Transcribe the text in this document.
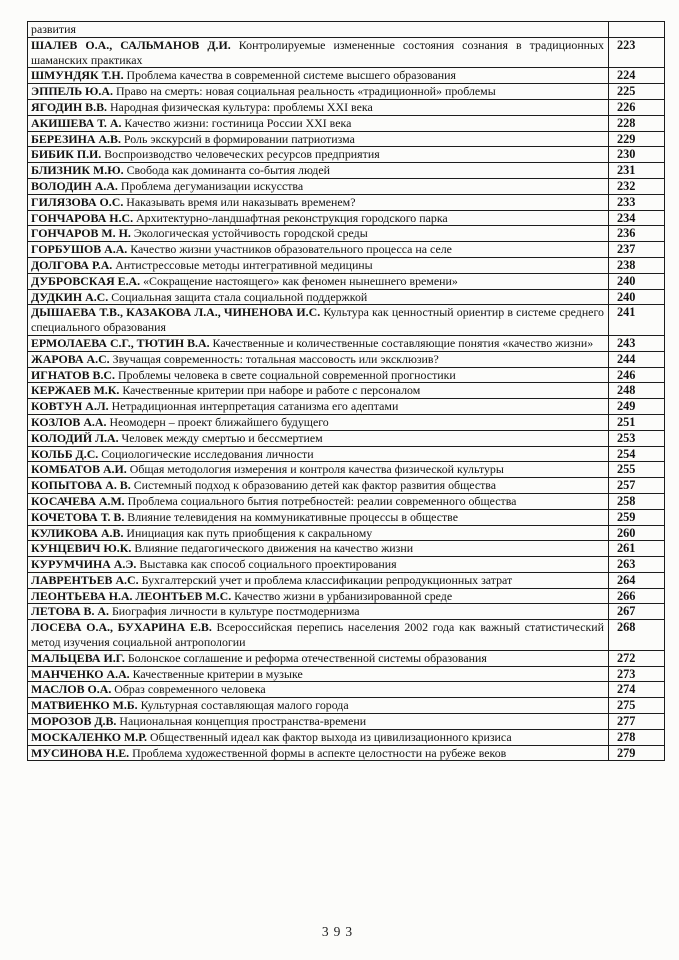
развития	
ШАЛЕВ О.А., САЛЬМАНОВ Д.И. Контролируемые измененные состояния сознания в традиционных шаманских практиках	223
ШМУНДЯК Т.Н. Проблема качества в современной системе высшего образования	224
ЭППЕЛЬ Ю.А. Право на смерть: новая социальная реальность «традиционной» проблемы	225
ЯГОДИН В.В. Народная физическая культура: проблемы XXI века	226
АКИШЕВА Т. А. Качество жизни: гостиница России XXI века	228
БЕРЕЗИНА А.В. Роль экскурсий в формировании патриотизма	229
БИБИК П.И. Воспроизводство человеческих ресурсов предприятия	230
БЛИЗНИК М.Ю. Свобода как доминанта со-бытия людей	231
ВОЛОДИН А.А. Проблема дегуманизации искусства	232
ГИЛЯЗОВА О.С. Наказывать время или наказывать временем?	233
ГОНЧАРОВА Н.С. Архитектурно-ландшафтная реконструкция городского парка	234
ГОНЧАРОВ М. Н. Экологическая устойчивость городской среды	236
ГОРБУШОВ А.А. Качество жизни участников образовательного процесса на селе	237
ДОЛГОВА Р.А. Антистрессовые методы интегративной медицины	238
ДУБРОВСКАЯ Е.А. «Сокращение настоящего» как феномен нынешнего времени»	240
ДУДКИН А.С. Социальная защита стала социальной поддержкой	240
ДЫШАЕВА Т.В., КАЗАКОВА Л.А., ЧИНЕНОВА И.С. Культура как ценностный ориентир в системе среднего специального образования	241
ЕРМОЛАЕВА С.Г., ТЮТИН В.А. Качественные и количественные составляющие понятия «качество жизни»	243
ЖАРОВА А.С. Звучащая современность: тотальная массовость или эксклюзив?	244
ИГНАТОВ В.С. Проблемы человека в свете социальной современной прогностики	246
КЕРЖАЕВ М.К. Качественные критерии при наборе и работе с персоналом	248
КОВТУН А.Л. Нетрадиционная интерпретация сатанизма его адептами	249
КОЗЛОВ А.А. Неомодерн – проект ближайшего будущего	251
КОЛОДИЙ Л.А. Человек между смертью и бессмертием	253
КОЛЬБ Д.С. Социологические исследования личности	254
КОМБАТОВ А.И. Общая методология измерения и контроля качества физической культуры	255
КОПЫТОВА А. В. Системный подход к образованию детей как фактор развития общества	257
КОСАЧЕВА А.М. Проблема социального бытия потребностей: реалии современного общества	258
КОЧЕТОВА Т. В. Влияние телевидения на коммуникативные процессы в обществе	259
КУЛИКОВА А.В. Инициация как путь приобщения к сакральному	260
КУНЦЕВИЧ Ю.К. Влияние педагогического движения на качество жизни	261
КУРУМЧИНА А.Э. Выставка как способ социального проектирования	263
ЛАВРЕНТЬЕВ А.С. Бухгалтерский учет и проблема классификации репродукционных затрат	264
ЛЕОНТЬЕВА Н.А. ЛЕОНТЬЕВ М.С. Качество жизни в урбанизированной среде	266
ЛЕТОВА В. А. Биография личности в культуре постмодернизма	267
ЛОСЕВА О.А., БУХАРИНА Е.В. Всероссийская перепись населения 2002 года как важный статистический метод изучения социальной антропологии	268
МАЛЬЦЕВА И.Г. Болонское соглашение и реформа отечественной системы образования	272
МАНЧЕНКО А.А. Качественные критерии в музыке	273
МАСЛОВ О.А. Образ современного человека	274
МАТВИЕНКО М.Б. Культурная составляющая малого города	275
МОРОЗОВ Д.В. Национальная концепция пространства-времени	277
МОСКАЛЕНКО М.Р. Общественный идеал как фактор выхода из цивилизационного кризиса	278
МУСИНОВА Н.Е. Проблема художественной формы в аспекте целостности на рубеже веков	279
393
